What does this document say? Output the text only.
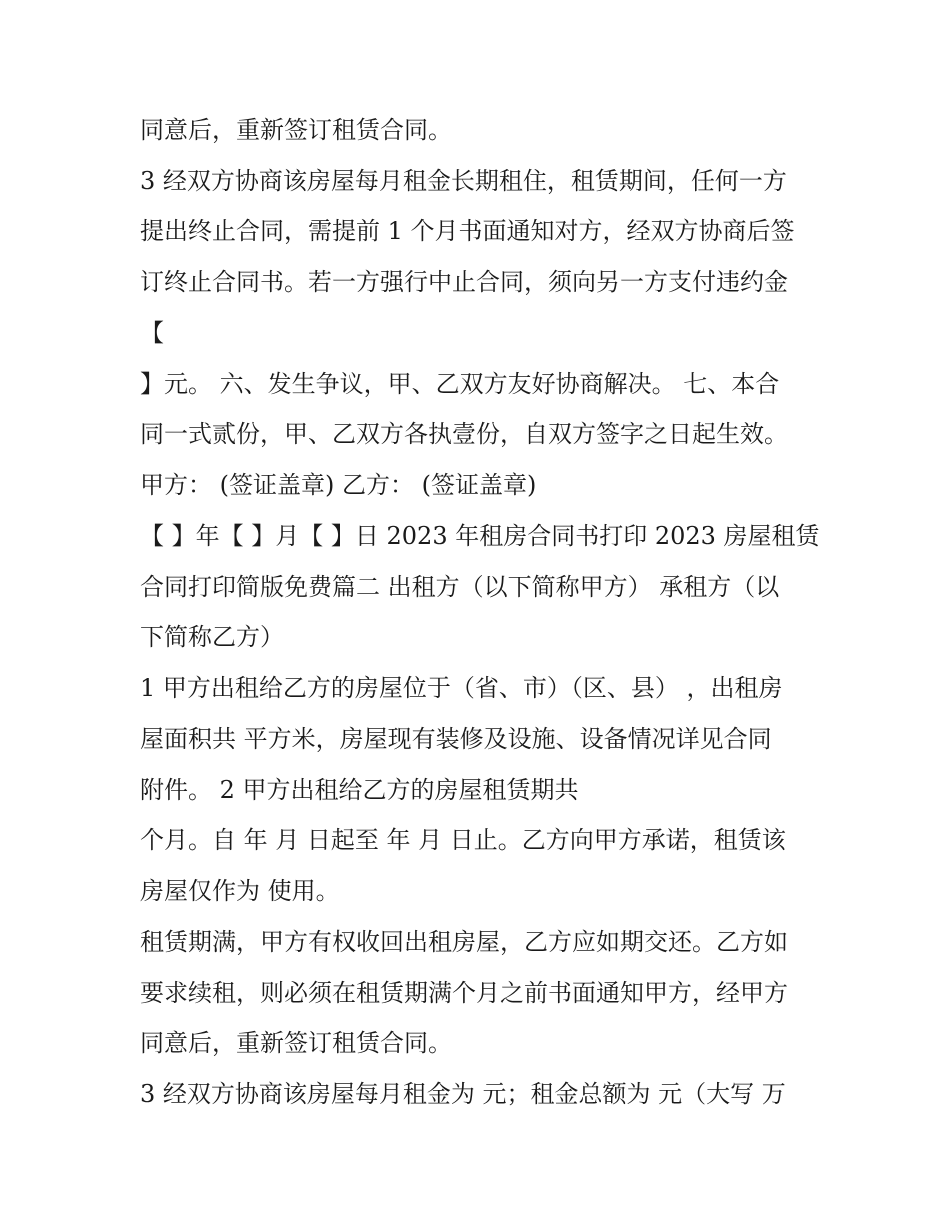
同意后，重新签订租赁合同。

3 经双方协商该房屋每月租金长期租住，租赁期间，任何一方

提出终止合同，需提前 1 个月书面通知对方，经双方协商后签

订终止合同书。若一方强行中止合同，须向另一方支付违约金

【

】元。 六、发生争议，甲、乙双方友好协商解决。 七、本合

同一式贰份，甲、乙双方各执壹份，自双方签字之日起生效。

甲方： (签证盖章) 乙方： (签证盖章)

【 】年【 】月【 】日 2023 年租房合同书打印 2023 房屋租赁

合同打印简版免费篇二 出租方（以下简称甲方） 承租方（以

下简称乙方）

1 甲方出租给乙方的房屋位于（省、市）（区、县） ，出租房

屋面积共 平方米，房屋现有装修及设施、设备情况详见合同

附件。 2 甲方出租给乙方的房屋租赁期共

个月。自 年 月 日起至 年 月 日止。乙方向甲方承诺，租赁该

房屋仅作为 使用。

租赁期满，甲方有权收回出租房屋，乙方应如期交还。乙方如

要求续租，则必须在租赁期满个月之前书面通知甲方，经甲方

同意后，重新签订租赁合同。

3 经双方协商该房屋每月租金为 元；租金总额为 元（大写 万
